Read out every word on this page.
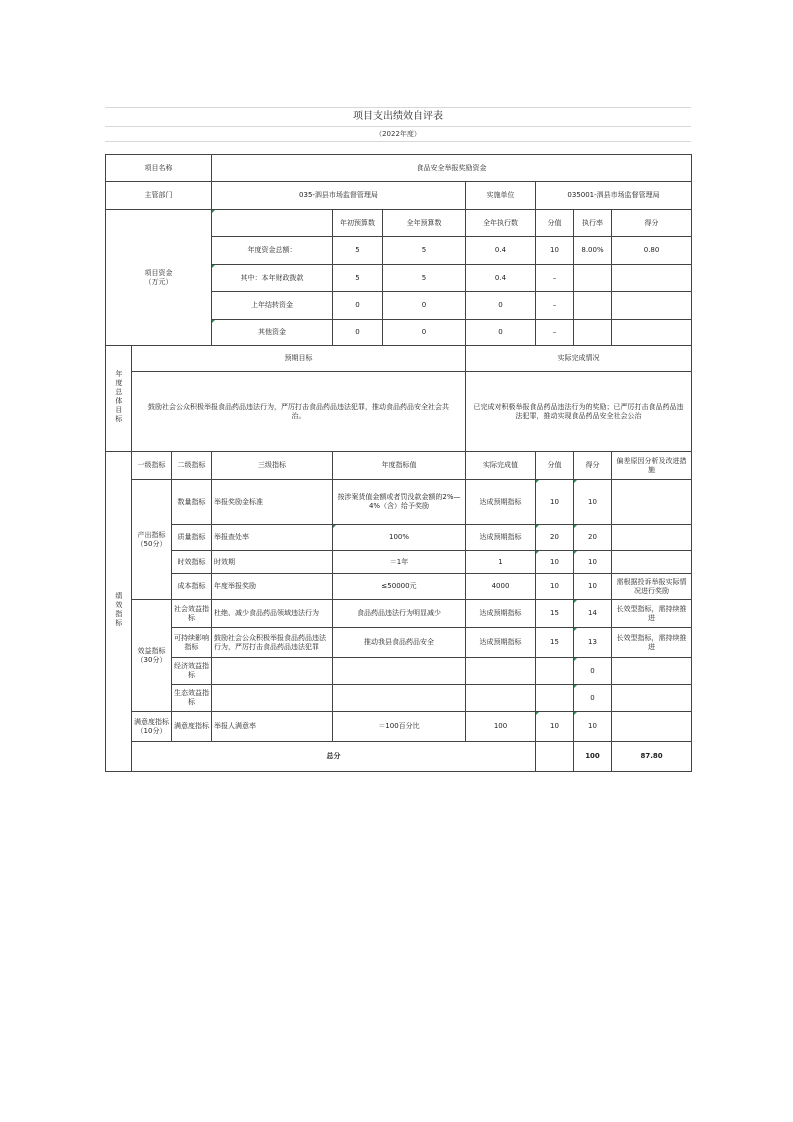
项目支出绩效自评表
（2022年度）
项目名称			食品安全举报奖励资金							
主管部门			035-泗县市场监督管理局			实施单位	035001-泗县市场监督管理局			
项目资金（万元）				年初预算数	全年预算数	全年执行数	分值	执行率	得分	
			年度资金总额：	5	5	0.4	10	8.00%	0.80	
			其中：本年财政拨款	5	5	0.4	–			
			上年结转资金	0	0	0	–			
			其他资金	0	0	0	–			
年度总体目标	预期目标					实际完成情况				
	鼓励社会公众积极举报食品药品违法行为，严厉打击食品药品违法犯罪，推动食品药品安全社会共治。					已完成对积极举报食品药品违法行为的奖励；已严厉打击食品药品违法犯罪，推动实现食品药品安全社会公治				
绩效指标	一级指标	二级指标	三级指标	年度指标值		实际完成值	分值	得分	偏差原因分析及改进措施	
	产出指标（50分）	数量指标	举报奖励金标准	按涉案货值金额或者罚没款金额的2%—4%（含）给予奖励		达成预期指标	10	10		
		质量指标	举报查处率	100%		达成预期指标	20	20		
		时效指标	时效期	＝1年		1	10	10		
		成本指标	年度举报奖励	≤50000元		4000	10	10	需根据投诉举报实际情况进行奖励	
	效益指标（30分）	社会效益指标	杜绝、减少食品药品领域违法行为	食品药品违法行为明显减少		达成预期指标	15	14	长效型指标，需持续推进	
		可持续影响指标	鼓励社会公众积极举报食品药品违法行为，严厉打击食品药品违法犯罪	推动我县食品药品安全		达成预期指标	15	13	长效型指标，需持续推进	
		经济效益指标						0		
		生态效益指标						0		
	满意度指标（10分）	满意度指标	举报人满意率	＝100百分比		100	10	10		
	总分							100	87.80	
